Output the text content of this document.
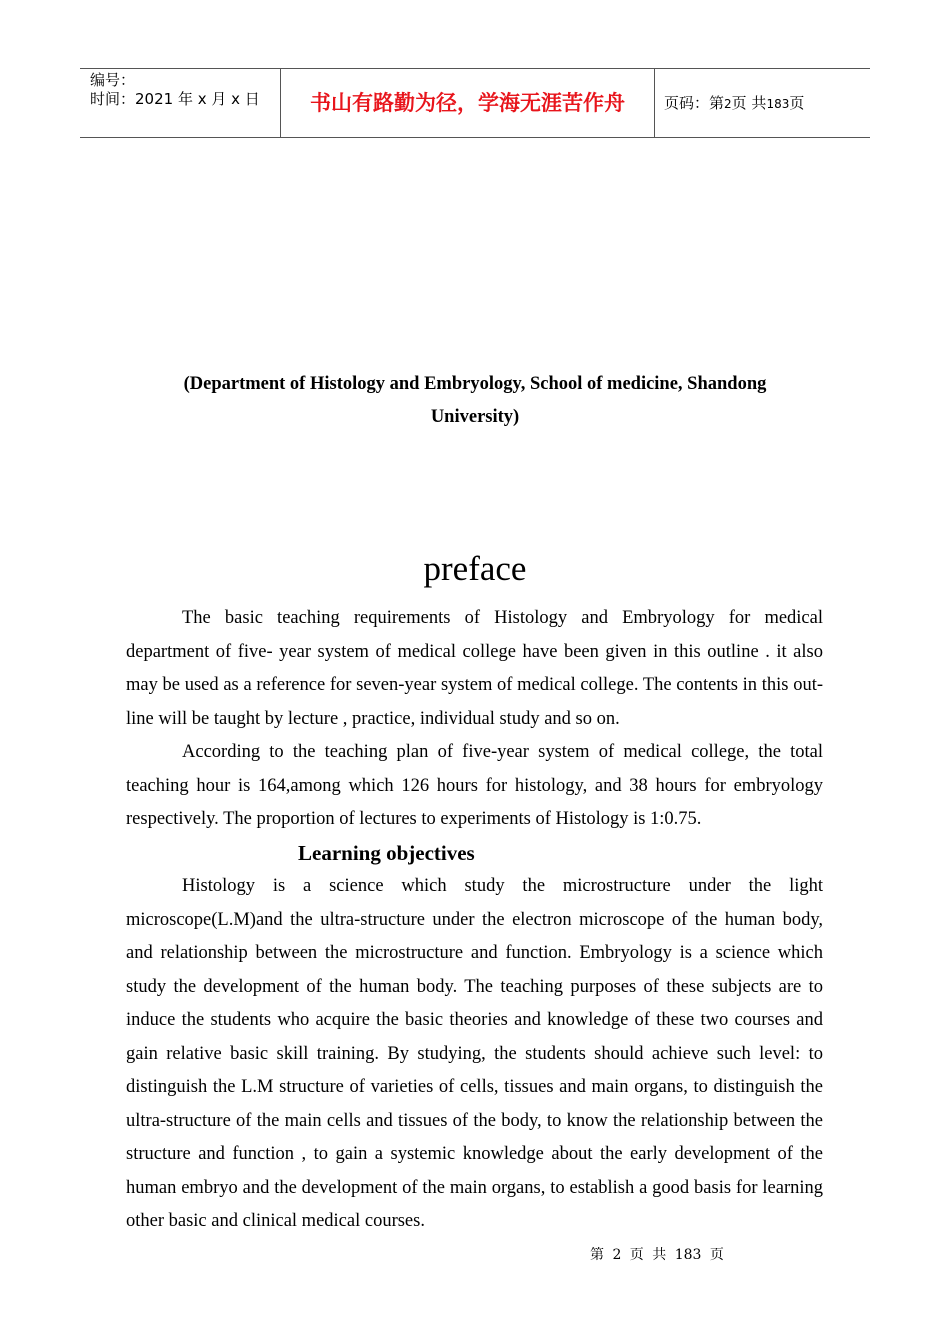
编号：
时间：2021 年 x 月 x 日	书山有路勤为径，学海无涯苦作舟	页码：第2页 共183页
(Department of Histology and Embryology, School of medicine, Shandong
University)
preface

The basic teaching requirements of Histology and Embryology for medical department of five- year system of medical college have been given in this outline . it also may be used as a reference for seven-year system of medical college. The contents in this out-line will be taught by lecture , practice, individual study and so on.

According to the teaching plan of five-year system of medical college, the total teaching hour is 164,among which 126 hours for histology, and 38 hours for embryology respectively. The proportion of lectures to experiments of Histology is 1:0.75.

Learning objectives

Histology is a science which study the microstructure under the light microscope(L.M)and the ultra-structure under the electron microscope of the human body, and relationship between the microstructure and function. Embryology is a science which study the development of the human body. The teaching purposes of these subjects are to induce the students who acquire the basic theories and knowledge of these two courses and gain relative basic skill training. By studying, the students should achieve such level: to distinguish the L.M structure of varieties of cells, tissues and main organs, to distinguish the ultra-structure of the main cells and tissues of the body, to know the relationship between the structure and function , to gain a systemic knowledge about the early development of the human embryo and the development of the main organs, to establish a good basis for learning other basic and clinical medical courses.

第 2 页 共 183 页
